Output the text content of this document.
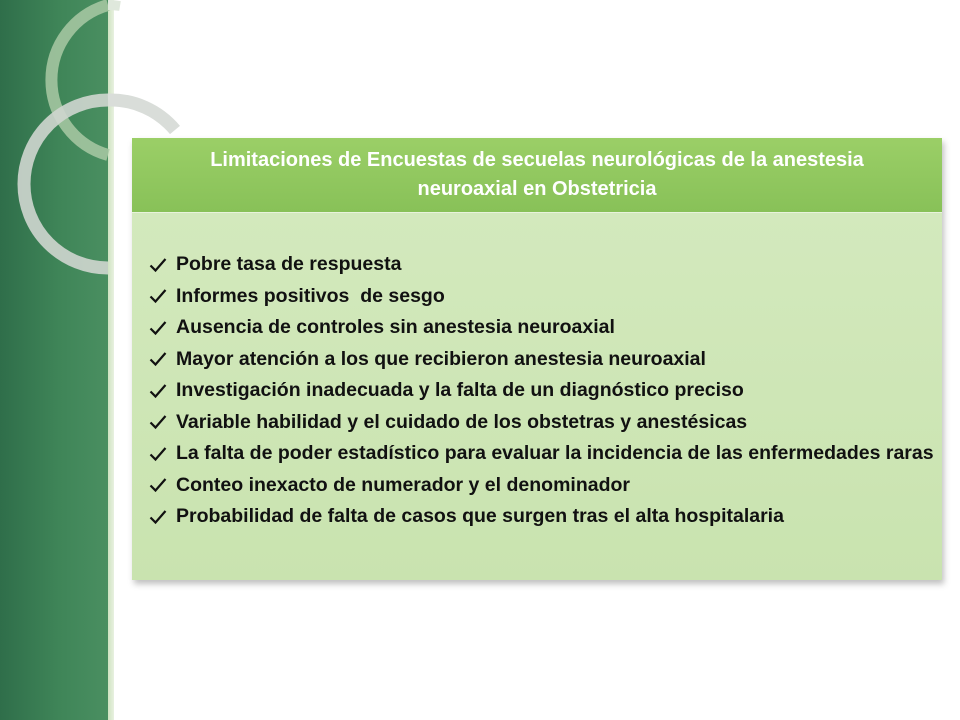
Limitaciones de Encuestas de secuelas neurológicas de la anestesia neuroaxial en Obstetricia
Pobre tasa de respuesta
Informes positivos  de sesgo
Ausencia de controles sin anestesia neuroaxial
Mayor atención a los que recibieron anestesia neuroaxial
Investigación inadecuada y la falta de un diagnóstico preciso
Variable habilidad y el cuidado de los obstetras y anestésicas
La falta de poder estadístico para evaluar la incidencia de las enfermedades raras
Conteo inexacto de numerador y el denominador
Probabilidad de falta de casos que surgen tras el alta hospitalaria
